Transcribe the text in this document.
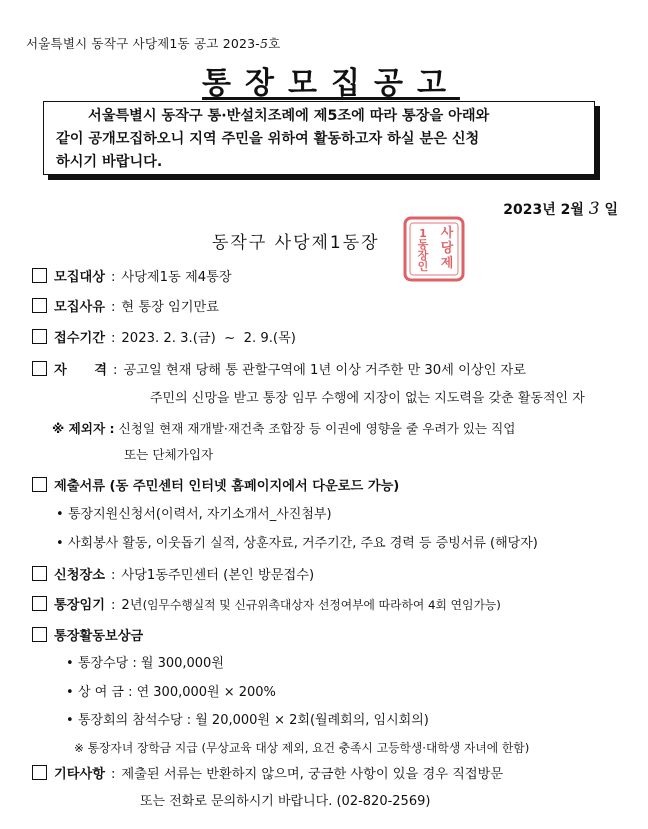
서울특별시 동작구 사당제1동 공고 2023-5호
통장모집공고
서울특별시 동작구 통·반설치조례에 제5조에 따라 통장을 아래와
같이 공개모집하오니 지역 주민을 위하여 활동하고자 하실 분은 신청
하시기 바랍니다.
2023년 2월 3 일
동작구 사당제1동장	사 당 제
1 동 장 인
모집대상 : 사당제1동 제4통장
모집사유 : 현 통장 임기만료
접수기간 : 2023. 2. 3.(금)  ~  2. 9.(목)
자      격 : 공고일 현재 당해 통 관할구역에 1년 이상 거주한 만 30세 이상인 자로
주민의 신망을 받고 통장 임무 수행에 지장이 없는 지도력을 갖춘 활동적인 자
※ 제외자 : 신청일 현재 재개발·재건축 조합장 등 이권에 영향을 줄 우려가 있는 직업
또는 단체가입자
제출서류 (동 주민센터 인터넷 홈페이지에서 다운로드 가능)
• 통장지원신청서(이력서, 자기소개서_사진첨부)
• 사회봉사 활동, 이웃돕기 실적, 상훈자료, 거주기간, 주요 경력 등 증빙서류 (해당자)
신청장소 : 사당1동주민센터 (본인 방문접수)
통장임기 : 2년(임무수행실적 및 신규위촉대상자 선정여부에 따라하여 4회 연임가능)
통장활동보상금
• 통장수당 : 월 300,000원
• 상 여 금 : 연 300,000원 × 200%
• 통장회의 참석수당 : 월 20,000원 × 2회(월례회의, 임시회의)
※ 통장자녀 장학금 지급 (무상교육 대상 제외, 요건 충족시 고등학생·대학생 자녀에 한함)
기타사항 : 제출된 서류는 반환하지 않으며, 궁금한 사항이 있을 경우 직접방문
또는 전화로 문의하시기 바랍니다. (02-820-2569)
